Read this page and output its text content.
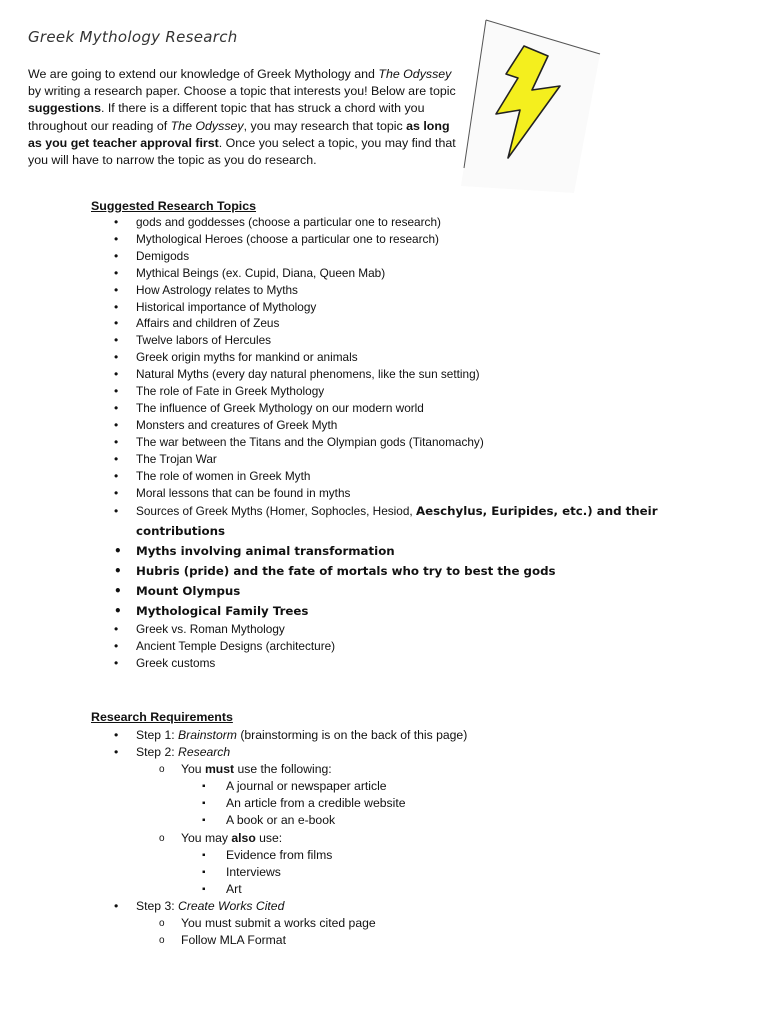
Greek Mythology Research
We are going to extend our knowledge of Greek Mythology and The Odyssey by writing a research paper. Choose a topic that interests you! Below are topic suggestions. If there is a different topic that has struck a chord with you throughout our reading of The Odyssey, you may research that topic as long as you get teacher approval first. Once you select a topic, you may find that you will have to narrow the topic as you do research.
Suggested Research Topics
• gods and goddesses (choose a particular one to research)
• Mythological Heroes (choose a particular one to research)
• Demigods
• Mythical Beings (ex. Cupid, Diana, Queen Mab)
• How Astrology relates to Myths
• Historical importance of Mythology
• Affairs and children of Zeus
• Twelve labors of Hercules
• Greek origin myths for mankind or animals
• Natural Myths (every day natural phenomens, like the sun setting)
• The role of Fate in Greek Mythology
• The influence of Greek Mythology on our modern world
• Monsters and creatures of Greek Myth
• The war between the Titans and the Olympian gods (Titanomachy)
• The Trojan War
• The role of women in Greek Myth
• Moral lessons that can be found in myths
• Sources of Greek Myths (Homer, Sophocles, Hesiod, Aeschylus, Euripides, etc.) and their contributions
• Myths involving animal transformation
• Hubris (pride) and the fate of mortals who try to best the gods
• Mount Olympus
• Mythological Family Trees
• Greek vs. Roman Mythology
• Ancient Temple Designs (architecture)
• Greek customs
Research Requirements
• Step 1: Brainstorm (brainstorming is on the back of this page)
• Step 2: Research
o You must use the following:
▪ A journal or newspaper article
▪ An article from a credible website
▪ A book or an e-book
o You may also use:
▪ Evidence from films
▪ Interviews
▪ Art
• Step 3: Create Works Cited
o You must submit a works cited page
o Follow MLA Format
